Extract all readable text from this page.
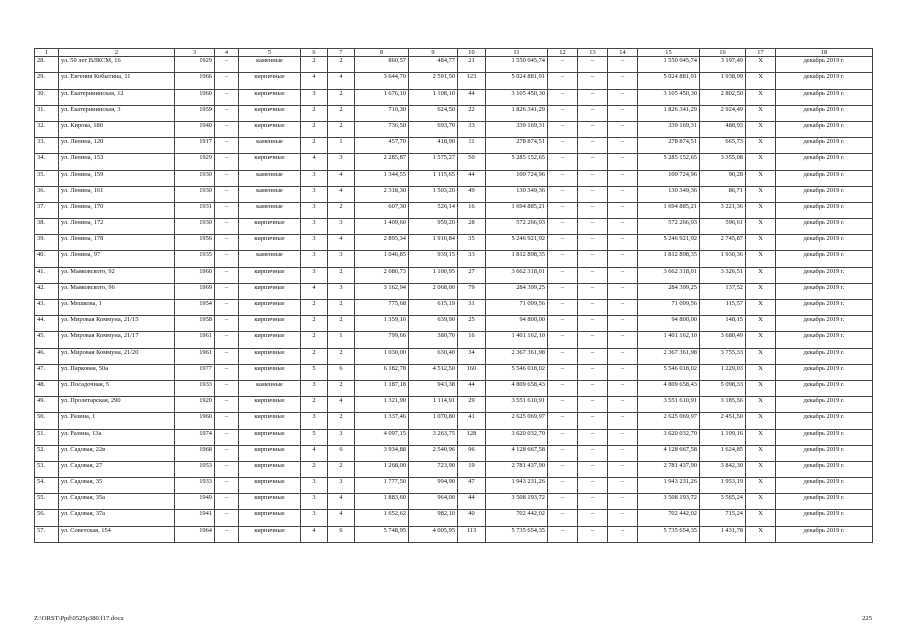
1	2	3	4	5	6	7	8	9	10	11	12	13	14	15	16	17	18
28.	ул. 50 лет ВЛКСМ, 16	1929	–	каменные	2	2	860,57	484,77	21	1 550 045,74	–	–	–	1 550 045,74	3 197,49	X	декабрь 2019 г.
29.	ул. Евгения Кобытина, 11	1966	–	кирпичные	4	4	3 644,70	2 591,50	123	5 024 881,91	–	–	–	5 024 881,91	1 938,99	X	декабрь 2019 г.
30.	ул. Екатерининская, 12	1960	–	кирпичные	3	2	1 676,10	1 108,10	44	3 105 450,30	–	–	–	3 105 450,30	2 802,50	X	декабрь 2019 г.
31.	ул. Екатерининская, 3	1959	–	кирпичные	2	2	710,30	624,50	22	1 826 341,29	–	–	–	1 826 341,29	2 924,49	X	декабрь 2019 г.
32.	ул. Кирова, 180	1940	–	кирпичные	2	2	736,50	693,70	33	339 169,31	–	–	–	339 169,31	488,93	X	декабрь 2019 г.
33.	ул. Ленина, 120	1917	–	каменные	2	1	457,70	418,90	11	278 874,51	–	–	–	278 874,51	665,73	X	декабрь 2019 г.
34.	ул. Ленина, 153	1929	–	кирпичные	4	3	2 285,87	1 575,27	50	5 285 152,65	–	–	–	5 285 152,65	3 355,08	X	декабрь 2019 г.
35.	ул. Ленина, 159	1930	–	каменные	3	4	1 344,55	1 115,65	44	100 724,96	–	–	–	100 724,96	90,28	X	декабрь 2019 г.
36.	ул. Ленина, 161	1930	–	каменные	3	4	2 318,30	1 503,20	49	130 349,36	–	–	–	130 349,36	86,71	X	декабрь 2019 г.
37.	ул. Ленина, 170	1931	–	каменные	3	2	607,30	526,14	16	1 694 885,21	–	–	–	1 694 885,21	3 221,36	X	декабрь 2019 г.
38.	ул. Ленина, 172	1930	–	кирпичные	3	3	1 409,60	959,20	28	572 266,93	–	–	–	572 266,93	596,61	X	декабрь 2019 г.
39.	ул. Ленина, 178	1956	–	кирпичные	3	4	2 895,34	1 910,84	35	5 246 921,92	–	–	–	5 246 921,92	2 745,87	X	декабрь 2019 г.
40.	ул. Ленина, 97	1935	–	каменные	3	3	1 046,85	939,15	33	1 812 898,35	–	–	–	1 812 898,35	1 930,36	X	декабрь 2019 г.
41.	ул. Маяковского, 92	1960	–	кирпичные	3	2	2 080,73	1 100,95	27	3 662 318,01	–	–	–	3 662 318,01	3 326,51	X	декабрь 2019 г.
42.	ул. Маяковского, 96	1969	–	кирпичные	4	3	3 162,94	2 068,00	79	284 399,25	–	–	–	284 399,25	137,52	X	декабрь 2019 г.
43.	ул. Мешкова, 1	1954	–	кирпичные	2	2	775,68	615,19	31	71 099,56	–	–	–	71 099,56	115,57	X	декабрь 2019 г.
44.	ул. Мировая Коммуна, 21/15	1958	–	кирпичные	2	2	1 359,10	639,90	25	94 800,00	–	–	–	94 800,00	148,15	X	декабрь 2019 г.
45.	ул. Мировая Коммуна, 21/17	1961	–	кирпичные	2	1	799,66	380,70	16	1 401 162,10	–	–	–	1 401 162,10	3 680,49	X	декабрь 2019 г.
46.	ул. Мировая Коммуна, 21/20	1961	–	кирпичные	2	2	1 030,00	630,40	34	2 367 361,98	–	–	–	2 367 361,98	3 755,33	X	декабрь 2019 г.
47.	ул. Парковая, 50а	1977	–	кирпичные	5	6	6 182,78	4 512,50	160	5 546 018,02	–	–	–	5 546 018,02	1 229,03	X	декабрь 2019 г.
48.	ул. Посадочная, 5	1933	–	каменные	3	2	1 187,18	943,38	44	4 809 658,43	–	–	–	4 809 658,43	5 098,33	X	декабрь 2019 г.
49.	ул. Пролетарская, 290	1920	–	кирпичные	2	4	1 321,90	1 114,91	29	3 551 610,91	–	–	–	3 551 610,91	3 185,56	X	декабрь 2019 г.
50.	ул. Разина, 1	1960	–	кирпичные	3	2	1 337,46	1 070,80	41	2 625 069,97	–	–	–	2 625 069,97	2 451,50	X	декабрь 2019 г.
51.	ул. Разина, 13а	1974	–	кирпичные	5	3	4 097,15	3 263,75	128	3 620 032,70	–	–	–	3 620 032,70	1 109,16	X	декабрь 2019 г.
52.	ул. Садовая, 22в	1968	–	кирпичные	4	6	3 934,88	2 540,96	96	4 128 667,58	–	–	–	4 128 667,58	1 624,85	X	декабрь 2019 г.
53.	ул. Садовая, 27	1953	–	кирпичные	2	2	1 268,00	723,90	19	2 781 437,90	–	–	–	2 781 437,90	3 842,30	X	декабрь 2019 г.
54.	ул. Садовая, 35	1933	–	кирпичные	3	3	1 777,50	994,90	47	1 943 231,26	–	–	–	1 943 231,26	1 953,19	X	декабрь 2019 г.
55.	ул. Садовая, 35а	1949	–	кирпичные	3	4	1 883,60	964,00	44	3 508 193,72	–	–	–	3 508 193,72	3 565,24	X	декабрь 2019 г.
56.	ул. Садовая, 37а	1941	–	кирпичные	3	4	1 652,62	982,10	40	702 442,02	–	–	–	702 442,02	715,24	X	декабрь 2019 г.
57.	ул. Советская, 154	1964	–	кирпичные	4	6	5 748,95	4 005,95	113	5 735 654,35	–	–	–	5 735 654,35	1 431,78	X	декабрь 2019 г.
Z:\ORST\Ppd\0525p380.f17.docx	225
